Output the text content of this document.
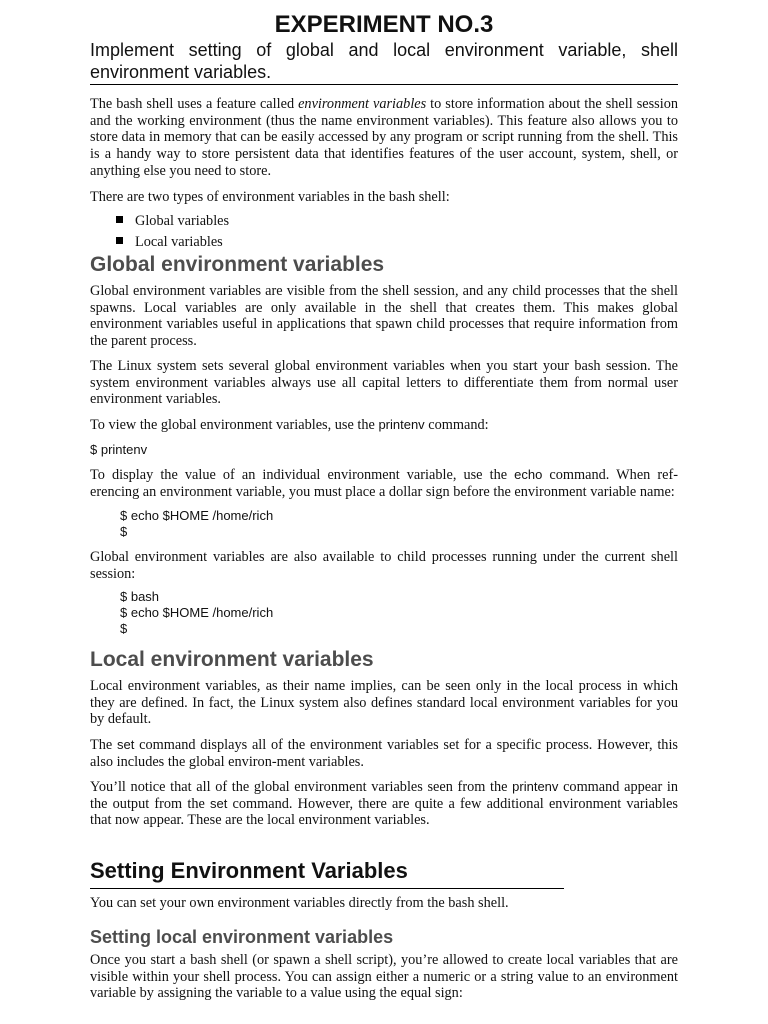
EXPERIMENT NO.3
Implement setting of global and local environment variable, shell environment variables.

The bash shell uses a feature called environment variables to store information about the shell session and the working environment (thus the name environment variables). This feature also allows you to store data in memory that can be easily accessed by any program or script running from the shell. This is a handy way to store persistent data that identifies features of the user account, system, shell, or anything else you need to store.

There are two types of environment variables in the bash shell:

Global variables
Local variables
Global environment variables

Global environment variables are visible from the shell session, and any child processes that the shell spawns. Local variables are only available in the shell that creates them. This makes global environment variables useful in applications that spawn child processes that require information from the parent process.

The Linux system sets several global environment variables when you start your bash session. The system environment variables always use all capital letters to differentiate them from normal user environment variables.

To view the global environment variables, use the printenv command:

$ printenv

To display the value of an individual environment variable, use the echo command. When ref-erencing an environment variable, you must place a dollar sign before the environment variable name:

$ echo $HOME /home/rich
$

Global environment variables are also available to child processes running under the current shell session:

$ bash
$ echo $HOME /home/rich
$
Local environment variables

Local environment variables, as their name implies, can be seen only in the local process in which they are defined. In fact, the Linux system also defines standard local environment variables for you by default.

The set command displays all of the environment variables set for a specific process. However, this also includes the global environ-ment variables.

You’ll notice that all of the global environment variables seen from the printenv command appear in the output from the set command. However, there are quite a few additional environment variables that now appear. These are the local environment variables.

Setting Environment Variables

You can set your own environment variables directly from the bash shell.

Setting local environment variables

Once you start a bash shell (or spawn a shell script), you’re allowed to create local variables that are visible within your shell process. You can assign either a numeric or a string value to an environment variable by assigning the variable to a value using the equal sign:
